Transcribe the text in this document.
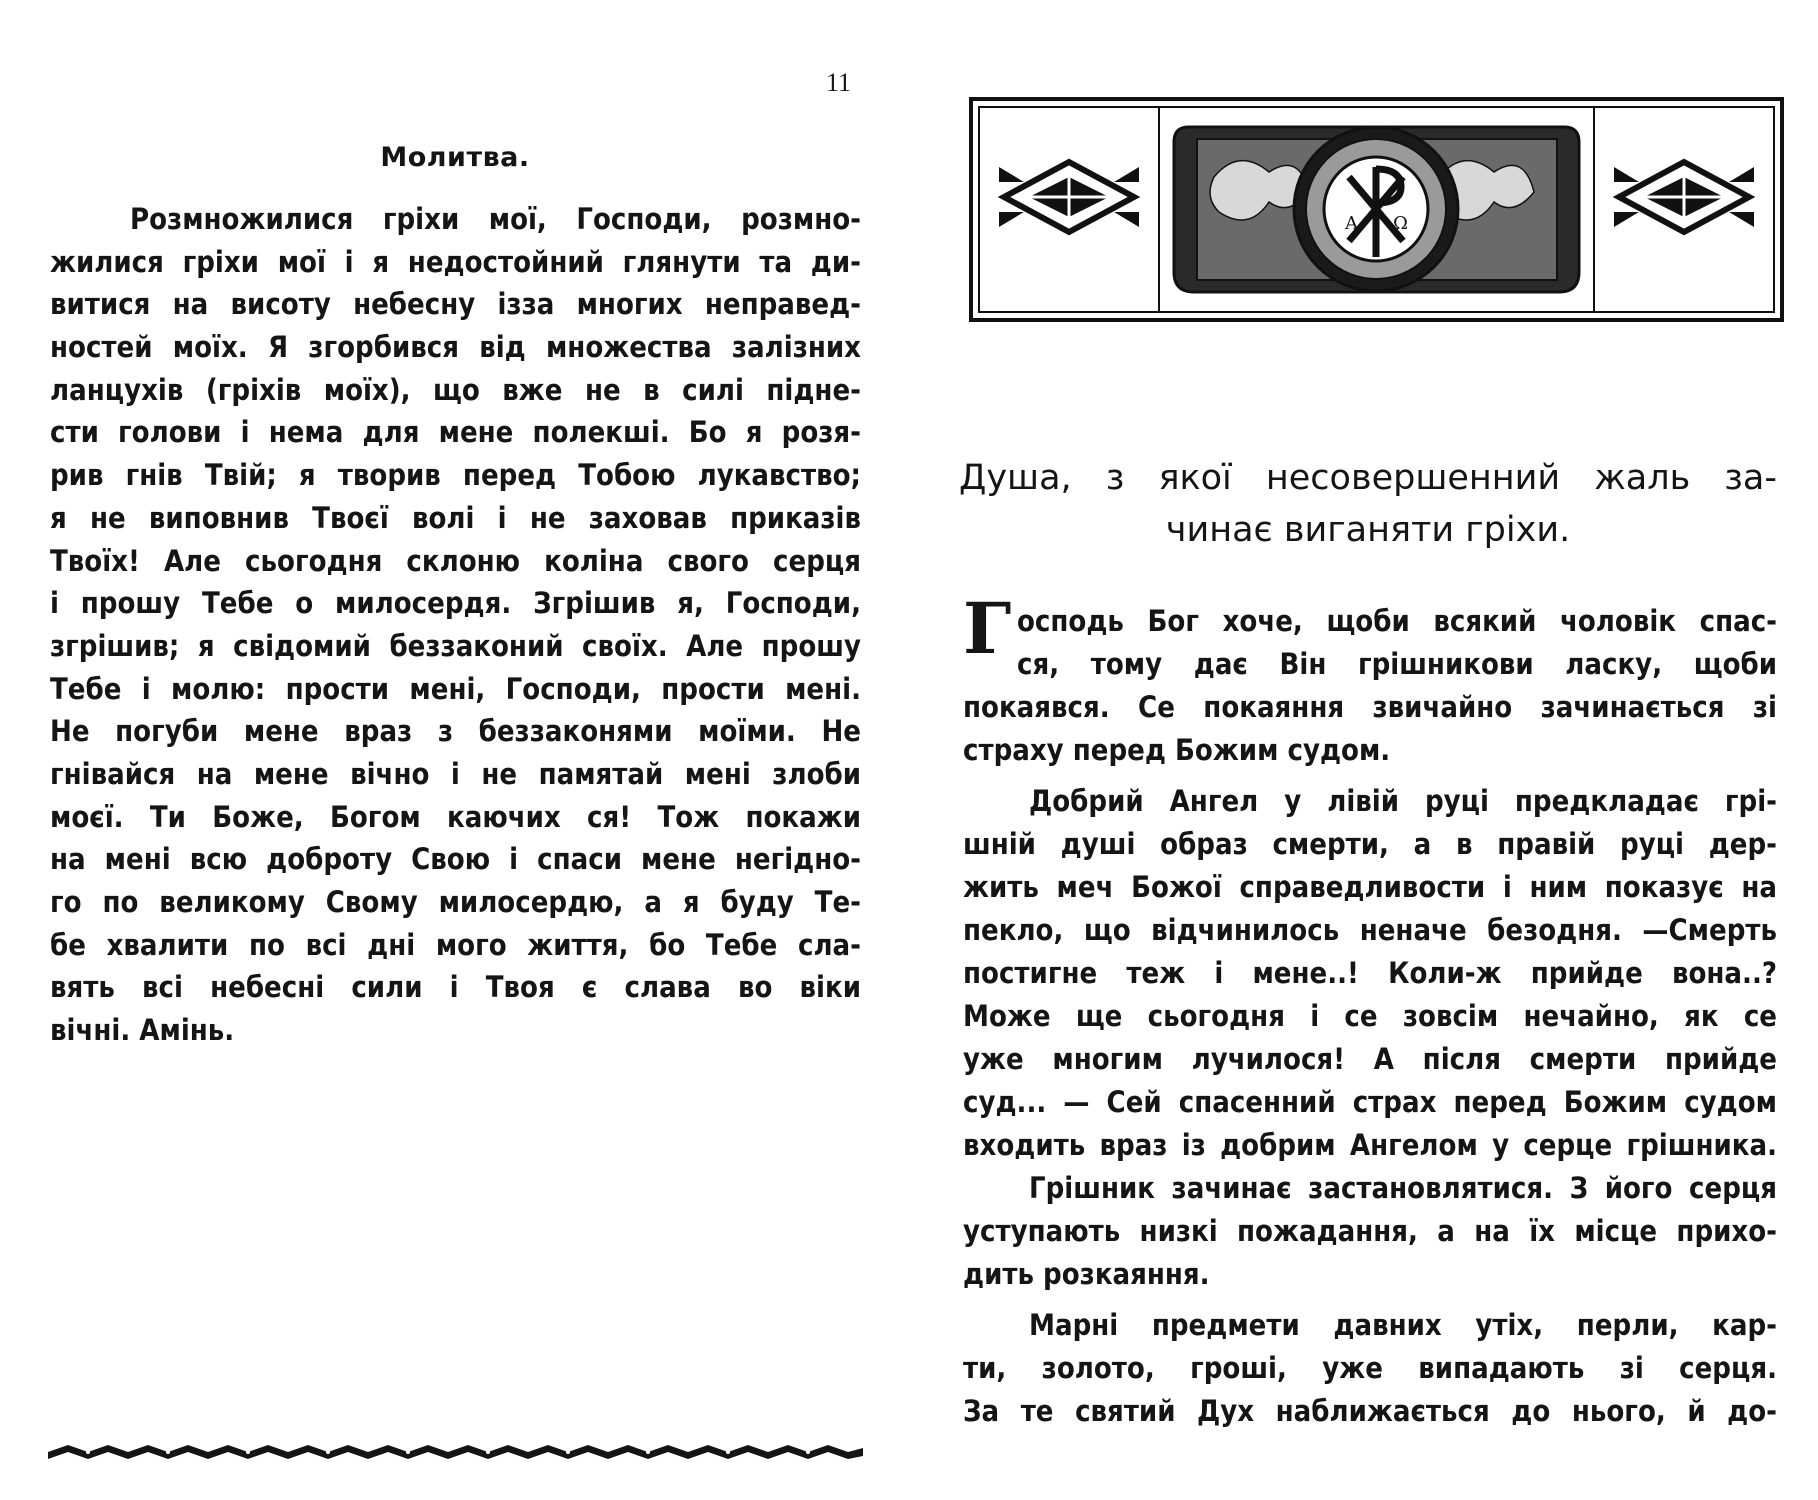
11
Молитва.
Розмножилися гріхи мої, Господи, розмно-
жилися гріхи мої і я недостойний глянути та ди-
витися на висоту небесну ізза многих неправед-
ностей моїх. Я згорбився від множества залізних
ланцухів (гріхів моїх), що вже не в силі підне-
сти голови і нема для мене полекші. Бо я розя-
рив гнів Твій; я творив перед Тобою лукавство;
я не виповнив Твоєї волі і не заховав приказів
Твоїх! Але сьогодня склоню коліна свого серця
і прошу Тебе о милосердя. Згрішив я, Господи,
згрішив; я свідомий беззаконий своїх. Але прошу
Тебе і молю: прости мені, Господи, прости мені.
Не погуби мене враз з беззаконями моїми. Не
гнівайся на мене вічно і не памятай мені злоби
моєї. Ти Боже, Богом каючих ся! Тож покажи
на мені всю доброту Свою і спаси мене негідно-
го по великому Свому милосердю, а я буду Те-
бе хвалити по всі дні мого життя, бо Тебе сла-
вять всі небесні сили і Твоя є слава во віки
вічні. Амінь.
A Ω
Душа, з якої несовершенний жаль за-
чинає виганяти гріхи.
Г осподь Бог хоче, щоби всякий чоловік спас-
ся, тому дає Він грішникови ласку, щоби
покаявся. Се покаяння звичайно зачинається зі
страху перед Божим судом.
Добрий Ангел у лівій руці предкладає грі-
шній душі образ смерти, а в правій руці дер-
жить меч Божої справедливости і ним показує на
пекло, що відчинилось неначе безодня. —Смерть
постигне теж і мене..! Коли-ж прийде вона..?
Може ще сьогодня і се зовсім нечайно, як се
уже многим лучилося! А після смерти прийде
суд... — Сей спасенний страх перед Божим судом
входить враз із добрим Ангелом у серце грішника.
Грішник зачинає застановлятися. З його серця
уступають низкі пожадання, а на їх місце прихо-
дить розкаяння.
Марні предмети давних утіх, перли, кар-
ти, золото, гроші, уже випадають зі серця.
За те святий Дух наближається до нього, й до-
